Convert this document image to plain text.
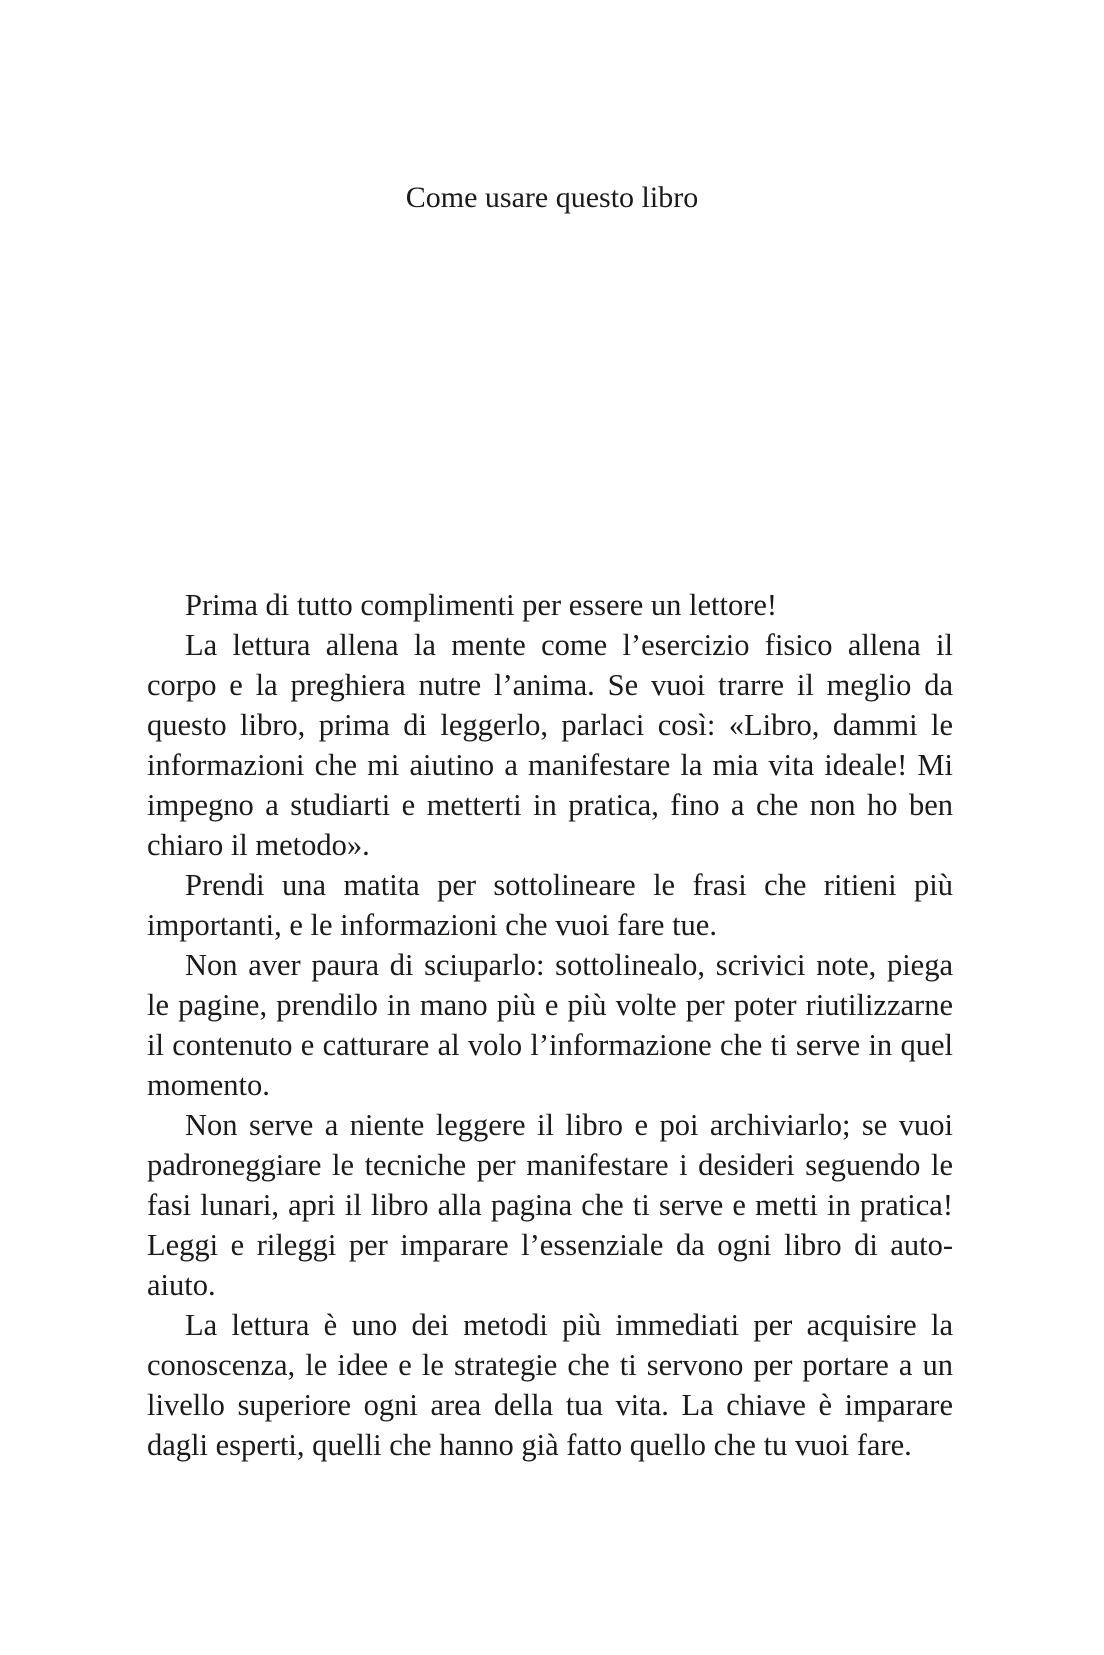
Come usare questo libro

Prima di tutto complimenti per essere un lettore!

La lettura allena la mente come l’esercizio fisico allena il corpo e la preghiera nutre l’anima. Se vuoi trarre il meglio da questo libro, prima di leggerlo, parlaci così: «Libro, dammi le informazioni che mi aiutino a manifestare la mia vita ideale! Mi impegno a studiarti e metterti in pratica, fino a che non ho ben chiaro il metodo».

Prendi una matita per sottolineare le frasi che ritieni più importanti, e le informazioni che vuoi fare tue.

Non aver paura di sciuparlo: sottolinealo, scrivici note, piega le pagine, prendilo in mano più e più volte per poter riutilizzarne il contenuto e catturare al volo l’informazione che ti serve in quel momento.

Non serve a niente leggere il libro e poi archiviarlo; se vuoi padroneggiare le tecniche per manifestare i desideri seguendo le fasi lunari, apri il libro alla pagina che ti serve e metti in pratica! Leggi e rileggi per imparare l’essenziale da ogni libro di auto-aiuto.

La lettura è uno dei metodi più immediati per acquisire la conoscenza, le idee e le strategie che ti servono per portare a un livello superiore ogni area della tua vita. La chiave è imparare dagli esperti, quelli che hanno già fatto quello che tu vuoi fare.
